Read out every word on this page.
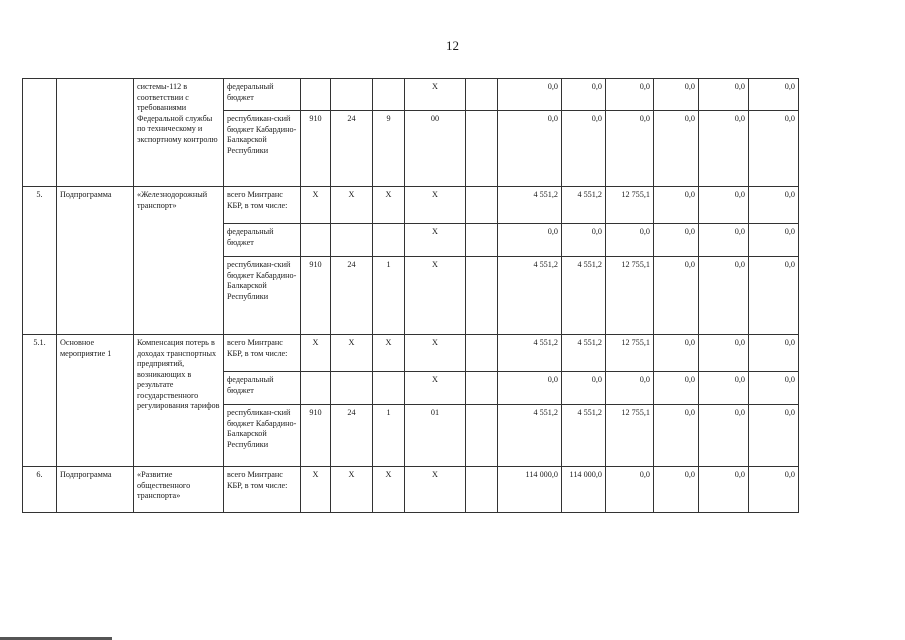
12
		системы-112 в соответствии с требованиями Федеральной службы по техническому и экспортному контролю	федеральный бюджет				Х		0,0	0,0	0,0	0,0	0,0	0,0
			республикан-ский бюджет Кабардино-Балкарской Республики	910	24	9	00		0,0	0,0	0,0	0,0	0,0	0,0
5.	Подпрограмма	«Железнодорожный транспорт»	всего Минтранс КБР, в том числе:	Х	Х	Х	Х		4 551,2	4 551,2	12 755,1	0,0	0,0	0,0
			федеральный бюджет				Х		0,0	0,0	0,0	0,0	0,0	0,0
			республикан-ский бюджет Кабардино-Балкарской Республики	910	24	1	Х		4 551,2	4 551,2	12 755,1	0,0	0,0	0,0
5.1.	Основное мероприятие 1	Компенсация потерь в доходах транспортных предприятий, возникающих в результате государственного регулирования тарифов	всего Минтранс КБР, в том числе:	Х	Х	Х	Х		4 551,2	4 551,2	12 755,1	0,0	0,0	0,0
			федеральный бюджет				Х		0,0	0,0	0,0	0,0	0,0	0,0
			республикан-ский бюджет Кабардино-Балкарской Республики	910	24	1	01		4 551,2	4 551,2	12 755,1	0,0	0,0	0,0
6.	Подпрограмма	«Развитие общественного транспорта»	всего Минтранс КБР, в том числе:	Х	Х	Х	Х		114 000,0	114 000,0	0,0	0,0	0,0	0,0
